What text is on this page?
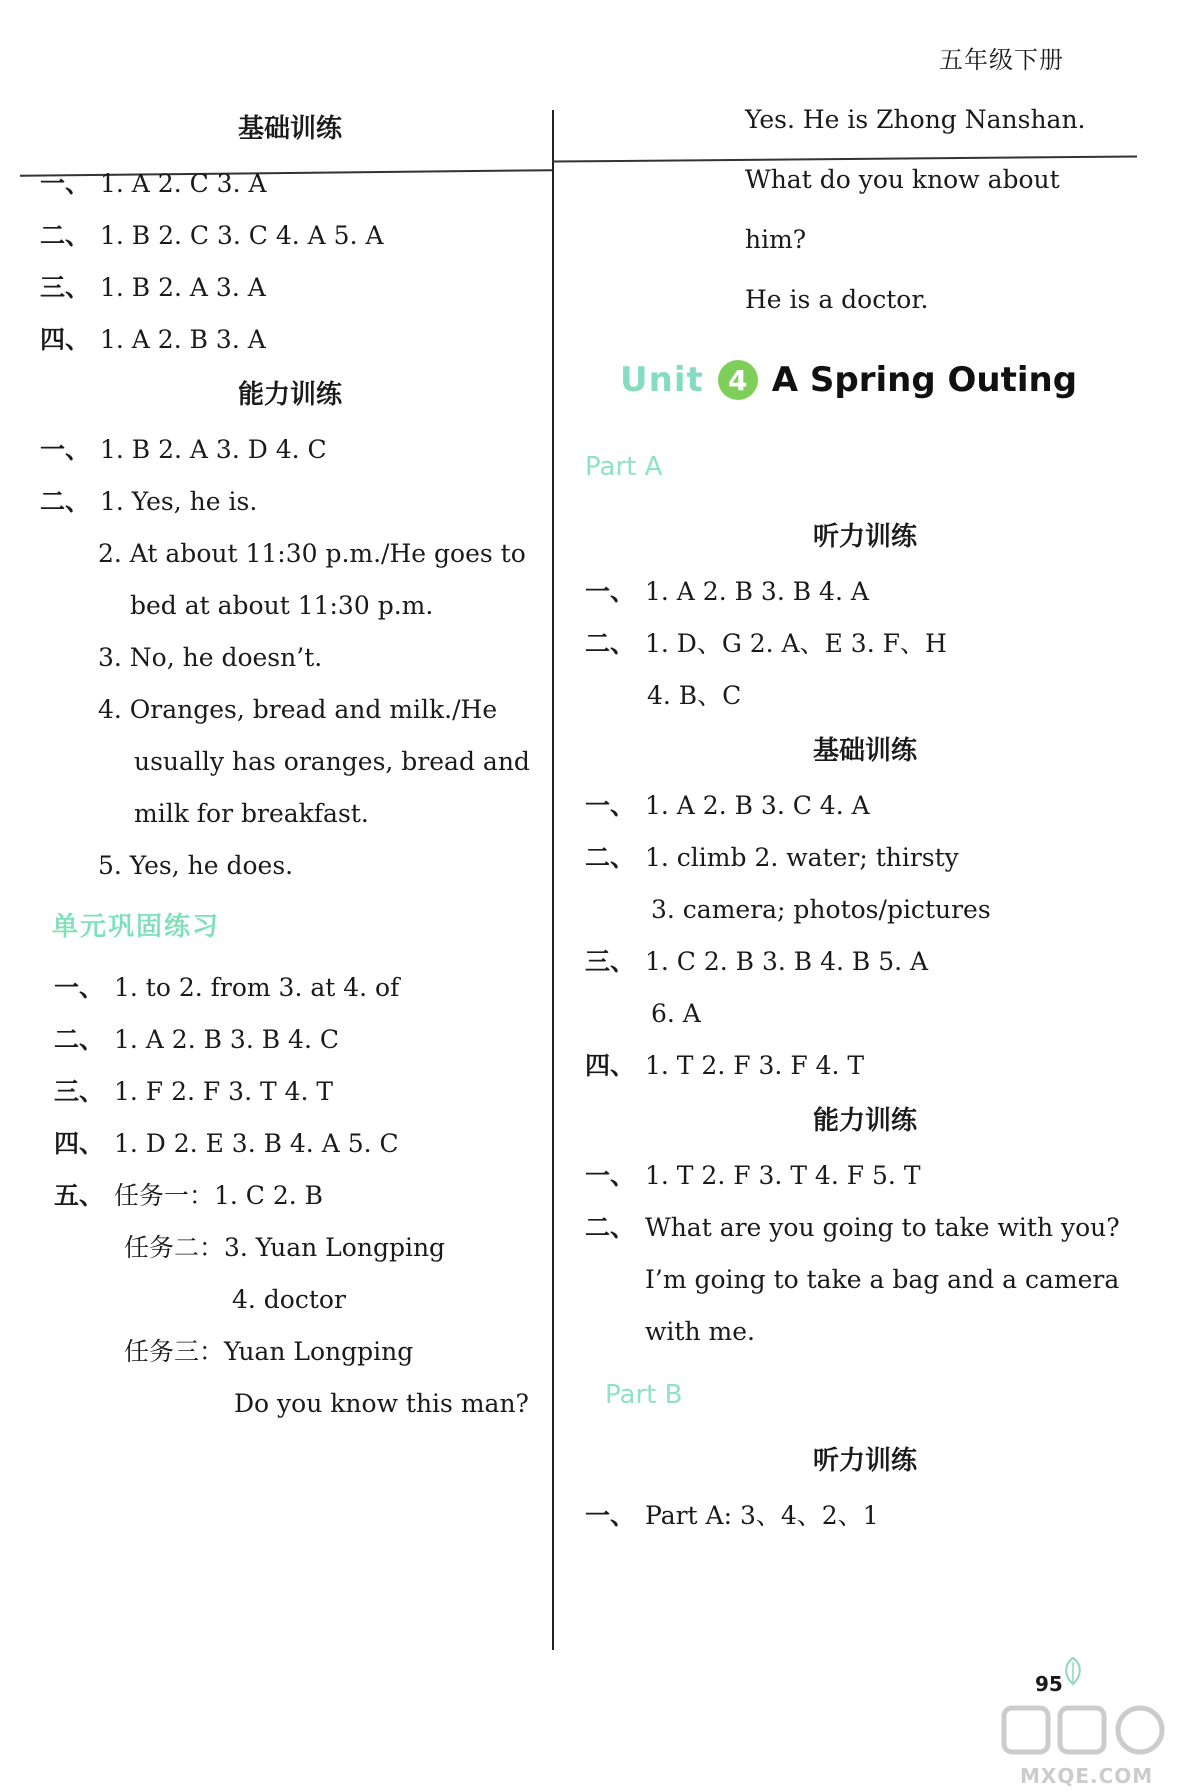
五年级下册
基础训练
一、 1. A 2. C 3. A
二、 1. B 2. C 3. C 4. A 5. A
三、 1. B 2. A 3. A
四、 1. A 2. B 3. A
能力训练
一、 1. B 2. A 3. D 4. C
二、 1. Yes, he is.
2. At about 11:30 p.m./He goes to
bed at about 11:30 p.m.
3. No, he doesn’t.
4. Oranges, bread and milk./He
usually has oranges, bread and
milk for breakfast.
5. Yes, he does.
单元巩固练习
一、 1. to 2. from 3. at 4. of
二、 1. A 2. B 3. B 4. C
三、 1. F 2. F 3. T 4. T
四、 1. D 2. E 3. B 4. A 5. C
五、 任务一：1. C 2. B
任务二：3. Yuan Longping
4. doctor
任务三：Yuan Longping
Do you know this man?
Yes. He is Zhong Nanshan.
What do you know about
him?
He is a doctor.
Unit 4 A Spring Outing
Part A
听力训练
一、 1. A 2. B 3. B 4. A
二、 1. D、G 2. A、E 3. F、H
4. B、C
基础训练
一、 1. A 2. B 3. C 4. A
二、 1. climb 2. water; thirsty
3. camera; photos/pictures
三、 1. C 2. B 3. B 4. B 5. A
6. A
四、 1. T 2. F 3. F 4. T
能力训练
一、 1. T 2. F 3. T 4. F 5. T
二、 What are you going to take with you?
I’m going to take a bag and a camera
with me.
Part B
听力训练
一、 Part A: 3、4、2、1
95
MXQE.COM
